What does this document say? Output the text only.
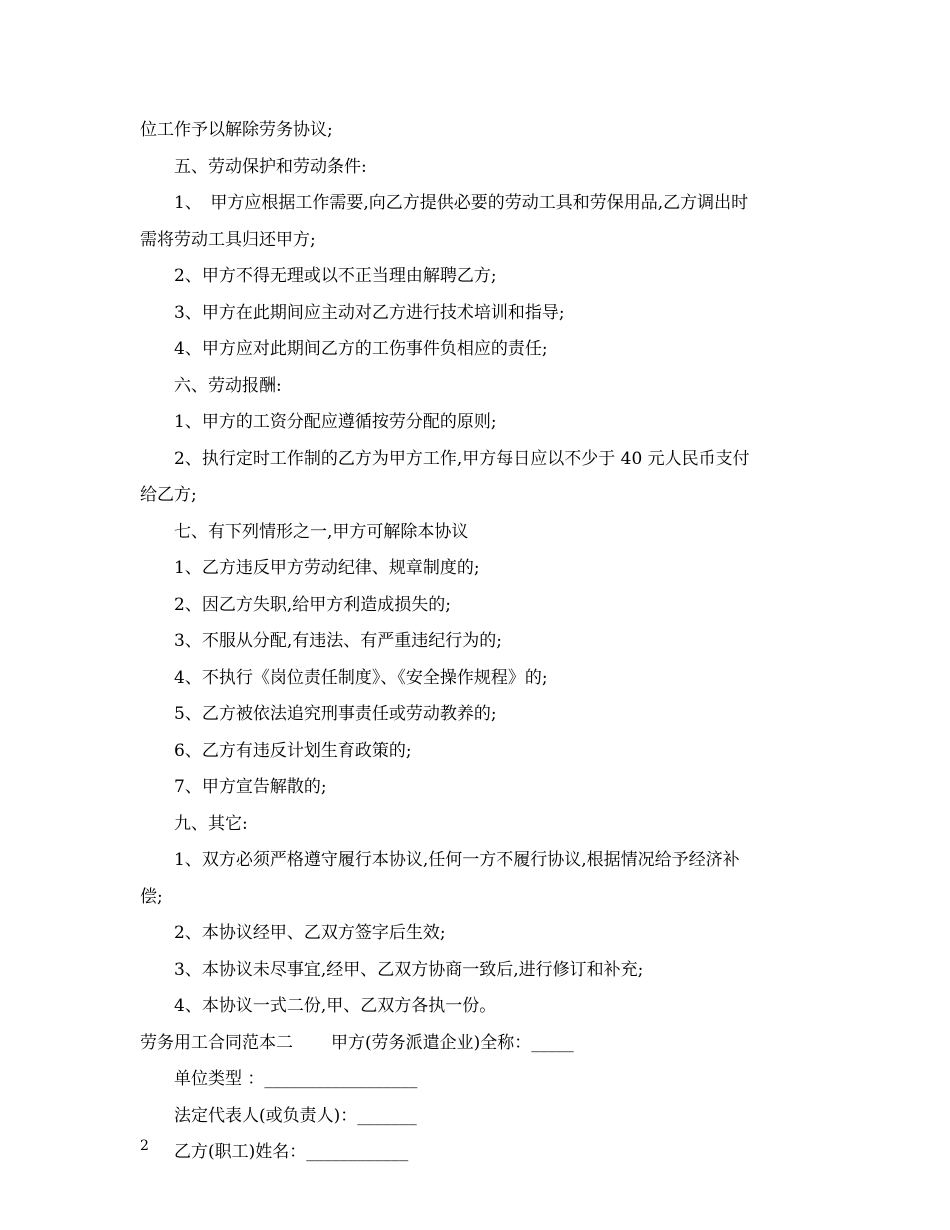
位工作予以解除劳务协议;
五、劳动保护和劳动条件:
1、　甲方应根据工作需要,向乙方提供必要的劳动工具和劳保用品,乙方调出时
需将劳动工具归还甲方;
2、甲方不得无理或以不正当理由解聘乙方;
3、甲方在此期间应主动对乙方进行技术培训和指导;
4、甲方应对此期间乙方的工伤事件负相应的责任;
六、劳动报酬:
1、甲方的工资分配应遵循按劳分配的原则;
2、执行定时工作制的乙方为甲方工作,甲方每日应以不少于 40 元人民币支付
给乙方;
七、有下列情形之一,甲方可解除本协议
1、乙方违反甲方劳动纪律、规章制度的;
2、因乙方失职,给甲方利造成损失的;
3、不服从分配,有违法、有严重违纪行为的;
4、不执行《岗位责任制度》、《安全操作规程》的;
5、乙方被依法追究刑事责任或劳动教养的;
6、乙方有违反计划生育政策的;
7、甲方宣告解散的;
九、其它:
1、双方必须严格遵守履行本协议,任何一方不履行协议,根据情况给予经济补
偿;
2、本协议经甲、乙双方签字后生效;
3、本协议未尽事宜,经甲、乙双方协商一致后,进行修订和补充;
4、本协议一式二份,甲、乙双方各执一份。
劳务用工合同范本二 甲方(劳务派遣企业)全称：_____
单位类型 ：__________________
法定代表人(或负责人)：_______
乙方(职工)姓名：____________
2
